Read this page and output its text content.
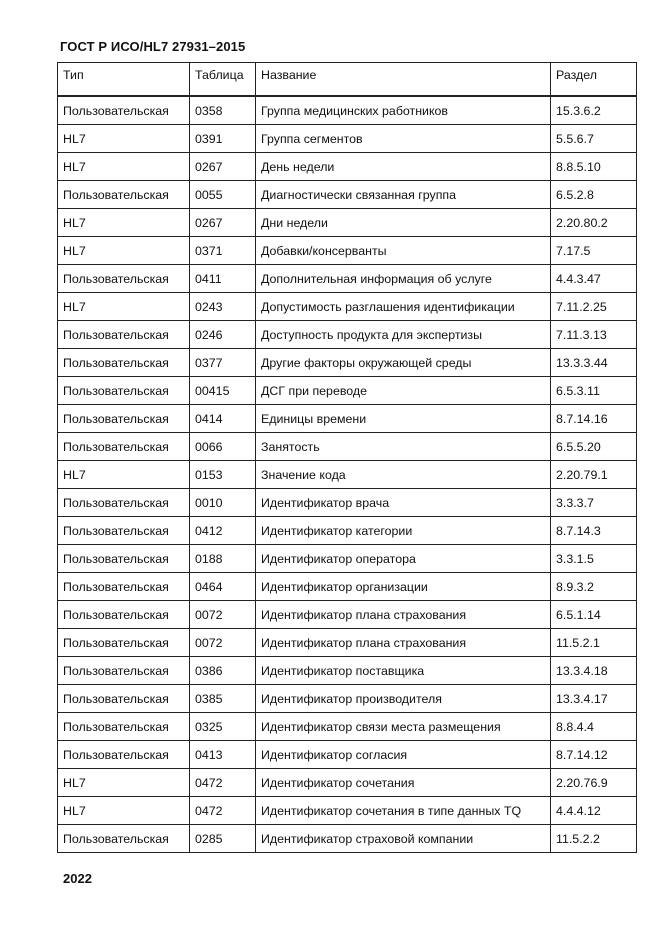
ГОСТ Р ИСО/HL7 27931–2015
Тип	Таблица	Название	Раздел
Пользовательская	0358	Группа медицинских работников	15.3.6.2
HL7	0391	Группа сегментов	5.5.6.7
HL7	0267	День недели	8.8.5.10
Пользовательская	0055	Диагностически связанная группа	6.5.2.8
HL7	0267	Дни недели	2.20.80.2
HL7	0371	Добавки/консерванты	7.17.5
Пользовательская	0411	Дополнительная информация об услуге	4.4.3.47
HL7	0243	Допустимость разглашения идентификации	7.11.2.25
Пользовательская	0246	Доступность продукта для экспертизы	7.11.3.13
Пользовательская	0377	Другие факторы окружающей среды	13.3.3.44
Пользовательская	00415	ДСГ при переводе	6.5.3.11
Пользовательская	0414	Единицы времени	8.7.14.16
Пользовательская	0066	Занятость	6.5.5.20
HL7	0153	Значение кода	2.20.79.1
Пользовательская	0010	Идентификатор врача	3.3.3.7
Пользовательская	0412	Идентификатор категории	8.7.14.3
Пользовательская	0188	Идентификатор оператора	3.3.1.5
Пользовательская	0464	Идентификатор организации	8.9.3.2
Пользовательская	0072	Идентификатор плана страхования	6.5.1.14
Пользовательская	0072	Идентификатор плана страхования	11.5.2.1
Пользовательская	0386	Идентификатор поставщика	13.3.4.18
Пользовательская	0385	Идентификатор производителя	13.3.4.17
Пользовательская	0325	Идентификатор связи места размещения	8.8.4.4
Пользовательская	0413	Идентификатор согласия	8.7.14.12
HL7	0472	Идентификатор сочетания	2.20.76.9
HL7	0472	Идентификатор сочетания в типе данных TQ	4.4.4.12
Пользовательская	0285	Идентификатор страховой компании	11.5.2.2
2022
